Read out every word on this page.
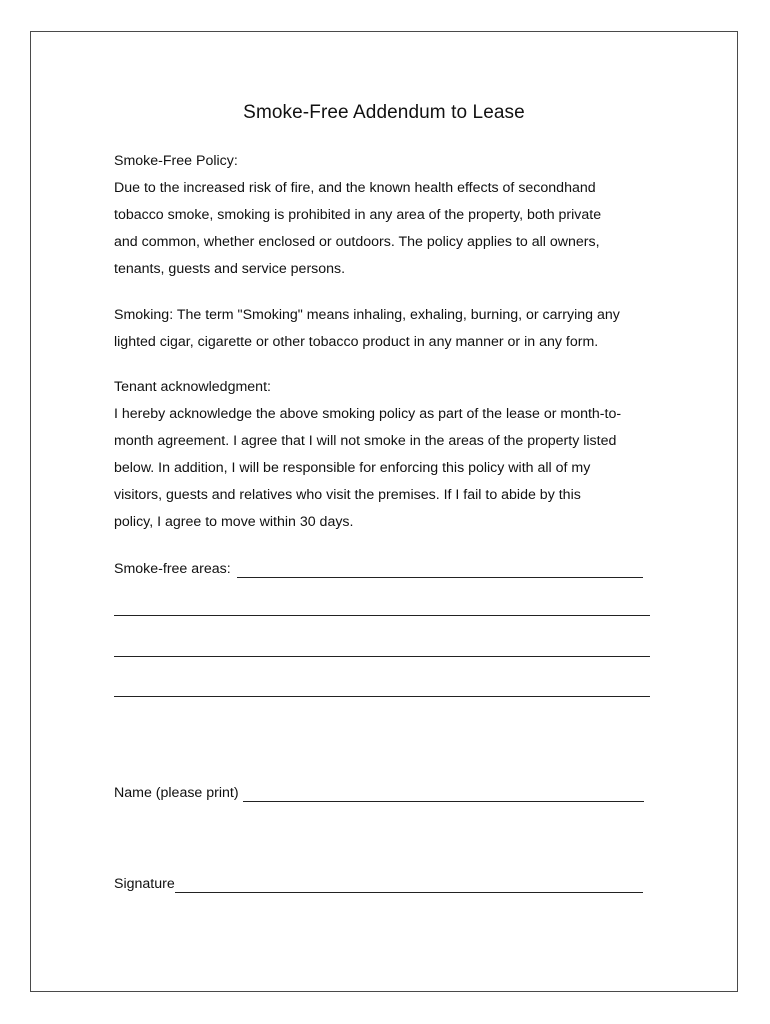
Smoke-Free Addendum to Lease
Smoke-Free Policy:
Due to the increased risk of fire, and the known health effects of secondhand
tobacco smoke, smoking is prohibited in any area of the property, both private
and common, whether enclosed or outdoors. The policy applies to all owners,
tenants, guests and service persons.
Smoking: The term "Smoking" means inhaling, exhaling, burning, or carrying any
lighted cigar, cigarette or other tobacco product in any manner or in any form.
Tenant acknowledgment:
I hereby acknowledge the above smoking policy as part of the lease or month-to-
month agreement. I agree that I will not smoke in the areas of the property listed
below. In addition, I will be responsible for enforcing this policy with all of my
visitors, guests and relatives who visit the premises. If I fail to abide by this
policy, I agree to move within 30 days.
Smoke-free areas:
Name (please print)
Signature
